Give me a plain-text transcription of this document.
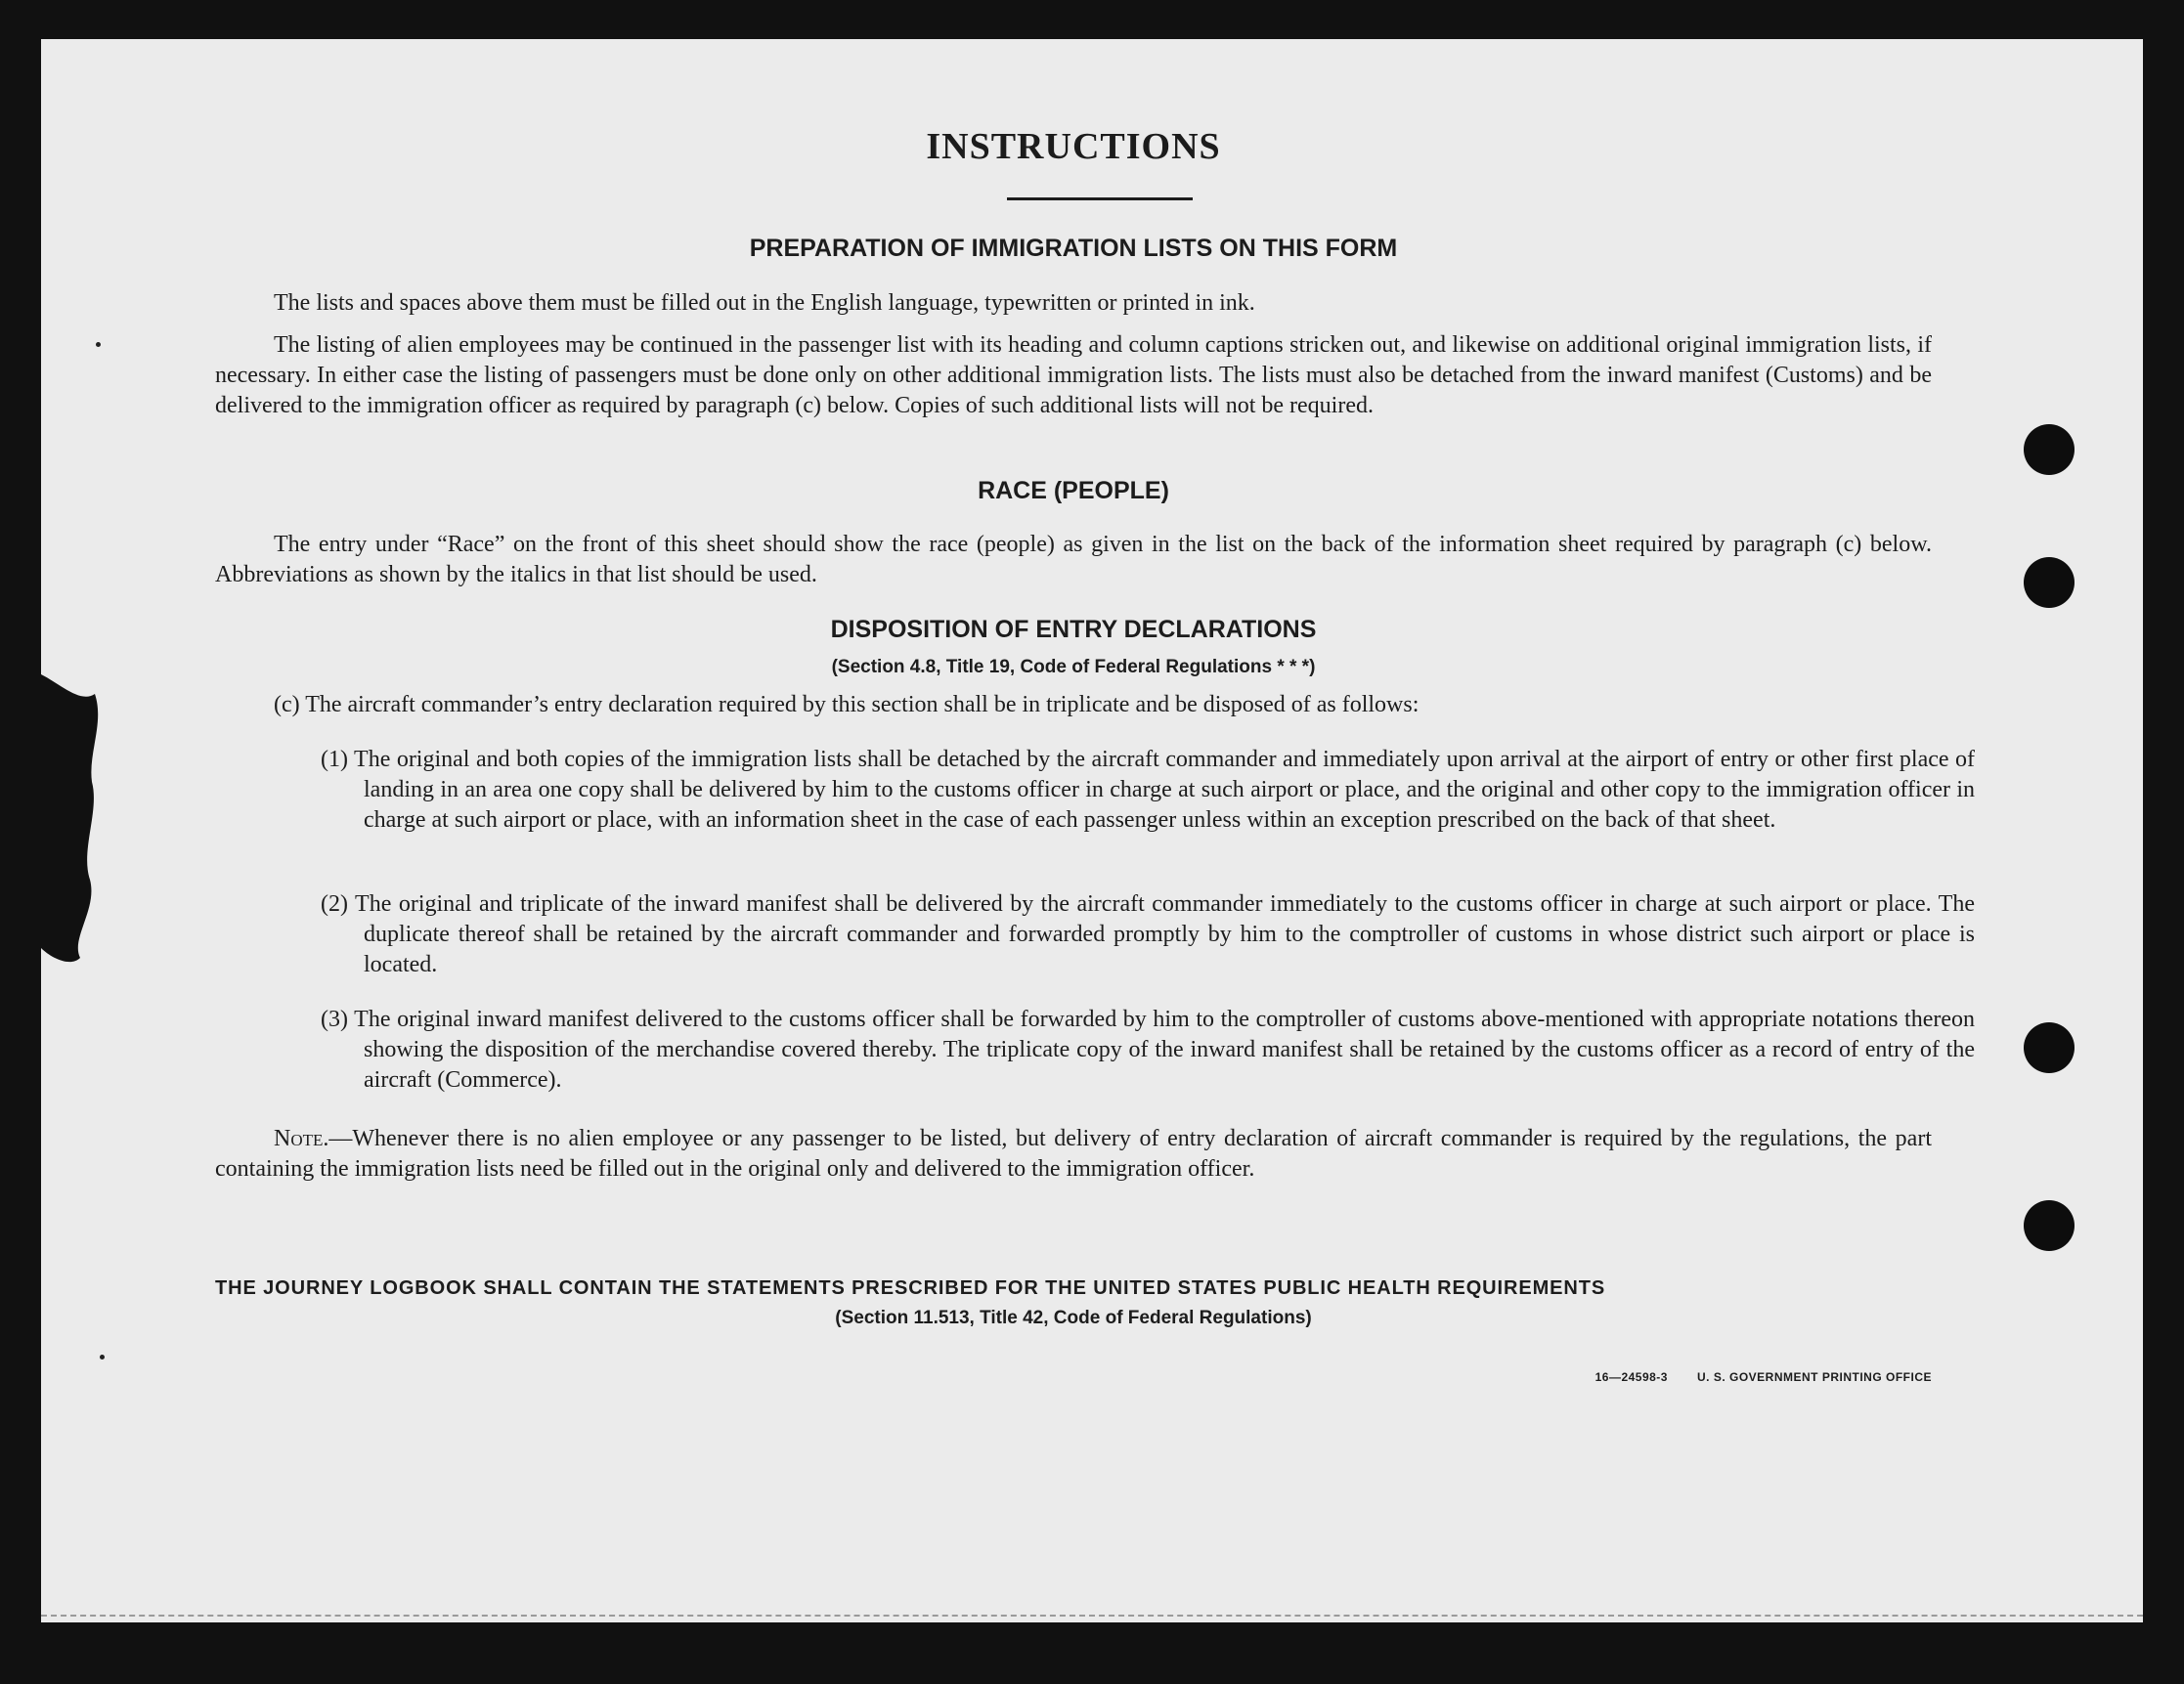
INSTRUCTIONS
PREPARATION OF IMMIGRATION LISTS ON THIS FORM
The lists and spaces above them must be filled out in the English language, typewritten or printed in ink.
The listing of alien employees may be continued in the passenger list with its heading and column captions stricken out, and likewise on additional original immigration lists, if necessary. In either case the listing of passengers must be done only on other additional immigration lists. The lists must also be detached from the inward manifest (Customs) and be delivered to the immigration officer as required by paragraph (c) below. Copies of such additional lists will not be required.
RACE (PEOPLE)
The entry under “Race” on the front of this sheet should show the race (people) as given in the list on the back of the information sheet required by paragraph (c) below. Abbreviations as shown by the italics in that list should be used.
DISPOSITION OF ENTRY DECLARATIONS
(Section 4.8, Title 19, Code of Federal Regulations * * *)
(c) The aircraft commander’s entry declaration required by this section shall be in triplicate and be disposed of as follows:
(1) The original and both copies of the immigration lists shall be detached by the aircraft commander and immediately upon arrival at the airport of entry or other first place of landing in an area one copy shall be delivered by him to the customs officer in charge at such airport or place, and the original and other copy to the immigration officer in charge at such airport or place, with an information sheet in the case of each passenger unless within an exception prescribed on the back of that sheet.
(2) The original and triplicate of the inward manifest shall be delivered by the aircraft commander immediately to the customs officer in charge at such airport or place. The duplicate thereof shall be retained by the aircraft commander and forwarded promptly by him to the comptroller of customs in whose district such airport or place is located.
(3) The original inward manifest delivered to the customs officer shall be forwarded by him to the comptroller of customs above-mentioned with appropriate notations thereon showing the disposition of the merchandise covered thereby. The triplicate copy of the inward manifest shall be retained by the customs officer as a record of entry of the aircraft (Commerce).
Note.—Whenever there is no alien employee or any passenger to be listed, but delivery of entry declaration of aircraft commander is required by the regulations, the part containing the immigration lists need be filled out in the original only and delivered to the immigration officer.
THE JOURNEY LOGBOOK SHALL CONTAIN THE STATEMENTS PRESCRIBED FOR THE UNITED STATES PUBLIC HEALTH REQUIREMENTS
(Section 11.513, Title 42, Code of Federal Regulations)
16—24598-3	U. S. GOVERNMENT PRINTING OFFICE
